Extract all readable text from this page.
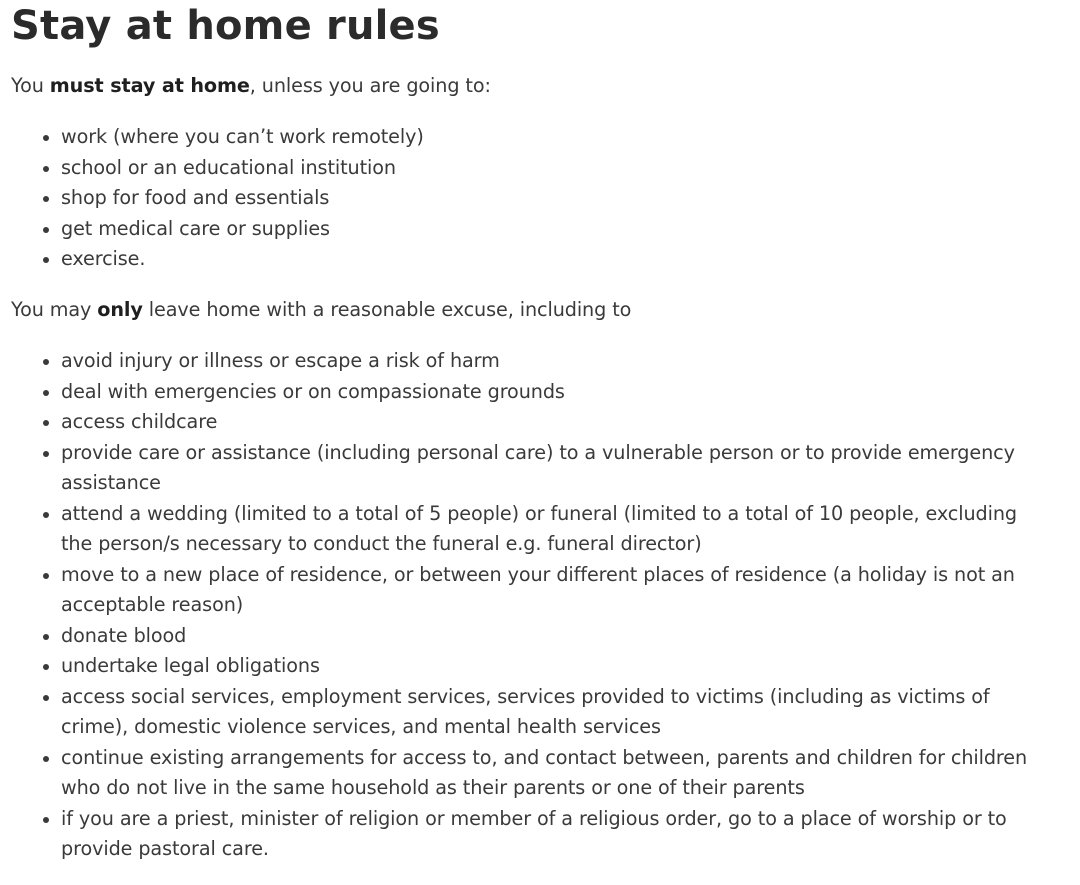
Stay at home rules

You must stay at home, unless you are going to:

work (where you can’t work remotely)
school or an educational institution
shop for food and essentials
get medical care or supplies
exercise.

You may only leave home with a reasonable excuse, including to

avoid injury or illness or escape a risk of harm
deal with emergencies or on compassionate grounds
access childcare
provide care or assistance (including personal care) to a vulnerable person or to provide emergency assistance
attend a wedding (limited to a total of 5 people) or funeral (limited to a total of 10 people, excluding the person/s necessary to conduct the funeral e.g. funeral director)
move to a new place of residence, or between your different places of residence (a holiday is not an acceptable reason)
donate blood
undertake legal obligations
access social services, employment services, services provided to victims (including as victims of crime), domestic violence services, and mental health services
continue existing arrangements for access to, and contact between, parents and children for children who do not live in the same household as their parents or one of their parents
if you are a priest, minister of religion or member of a religious order, go to a place of worship or to provide pastoral care.
